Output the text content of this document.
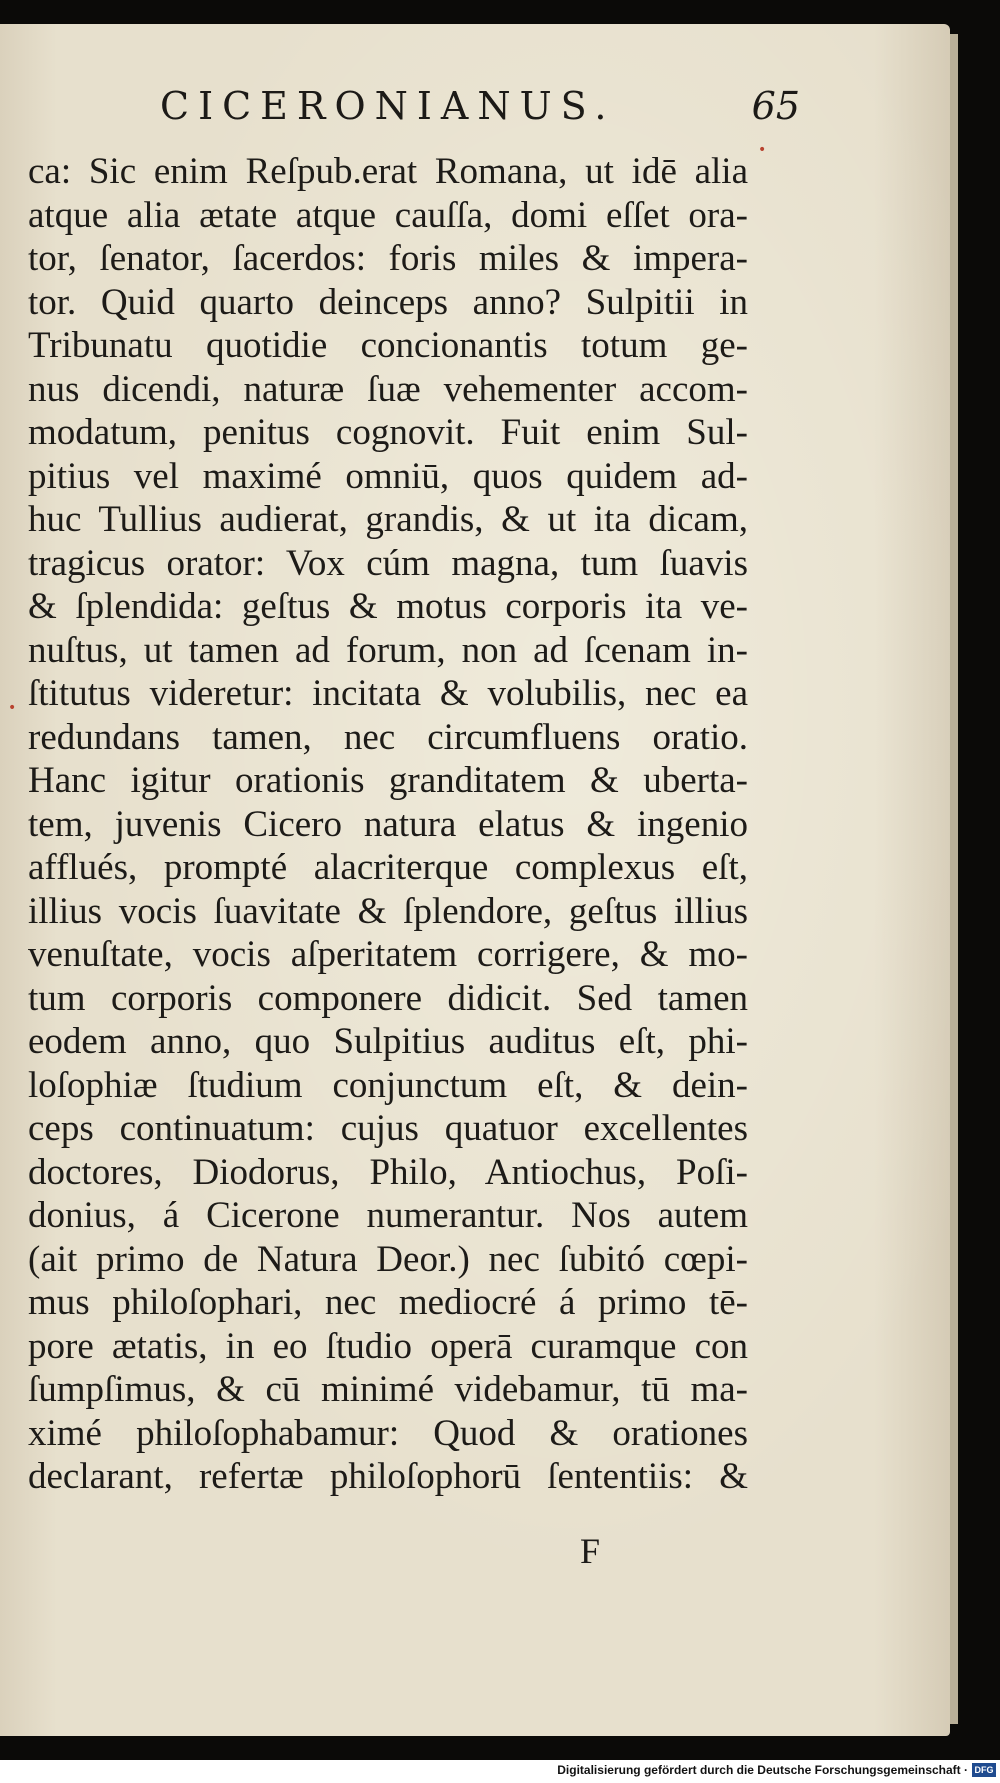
CICERONIANUS.	65
•
•
ca: Sic enim Reſpub.erat Romana, ut idē alia
atque alia ætate atque cauſſa, domi eſſet ora-
tor, ſenator, ſacerdos: foris miles & impera-
tor. Quid quarto deinceps anno? Sulpitii in
Tribunatu quotidie concionantis totum ge-
nus dicendi, naturæ ſuæ vehementer accom-
modatum, penitus cognovit. Fuit enim Sul-
pitius vel maximé omniū, quos quidem ad-
huc Tullius audierat, grandis, & ut ita dicam,
tragicus orator: Vox cúm magna, tum ſuavis
& ſplendida: geſtus & motus corporis ita ve-
nuſtus, ut tamen ad forum, non ad ſcenam in-
ſtitutus videretur: incitata & volubilis, nec ea
redundans tamen, nec circumfluens oratio.
Hanc igitur orationis granditatem & uberta-
tem, juvenis Cicero natura elatus & ingenio
afflués, prompté alacriterque complexus eſt,
illius vocis ſuavitate & ſplendore, geſtus illius
venuſtate, vocis aſperitatem corrigere, & mo-
tum corporis componere didicit. Sed tamen
eodem anno, quo Sulpitius auditus eſt, phi-
loſophiæ ſtudium conjunctum eſt, & dein-
ceps continuatum: cujus quatuor excellentes
doctores, Diodorus, Philo, Antiochus, Poſi-
donius, á Cicerone numerantur. Nos autem
(ait primo de Natura Deor.) nec ſubitó cœpi-
mus philoſophari, nec mediocré á primo tē-
pore ætatis, in eo ſtudio operā curamque con
ſumpſimus, & cū minimé videbamur, tū ma-
ximé philoſophabamur: Quod & orationes
declarant, refertæ philoſophorū ſententiis: &
F
Digitalisierung gefördert durch die Deutsche Forschungsgemeinschaft · DFG
